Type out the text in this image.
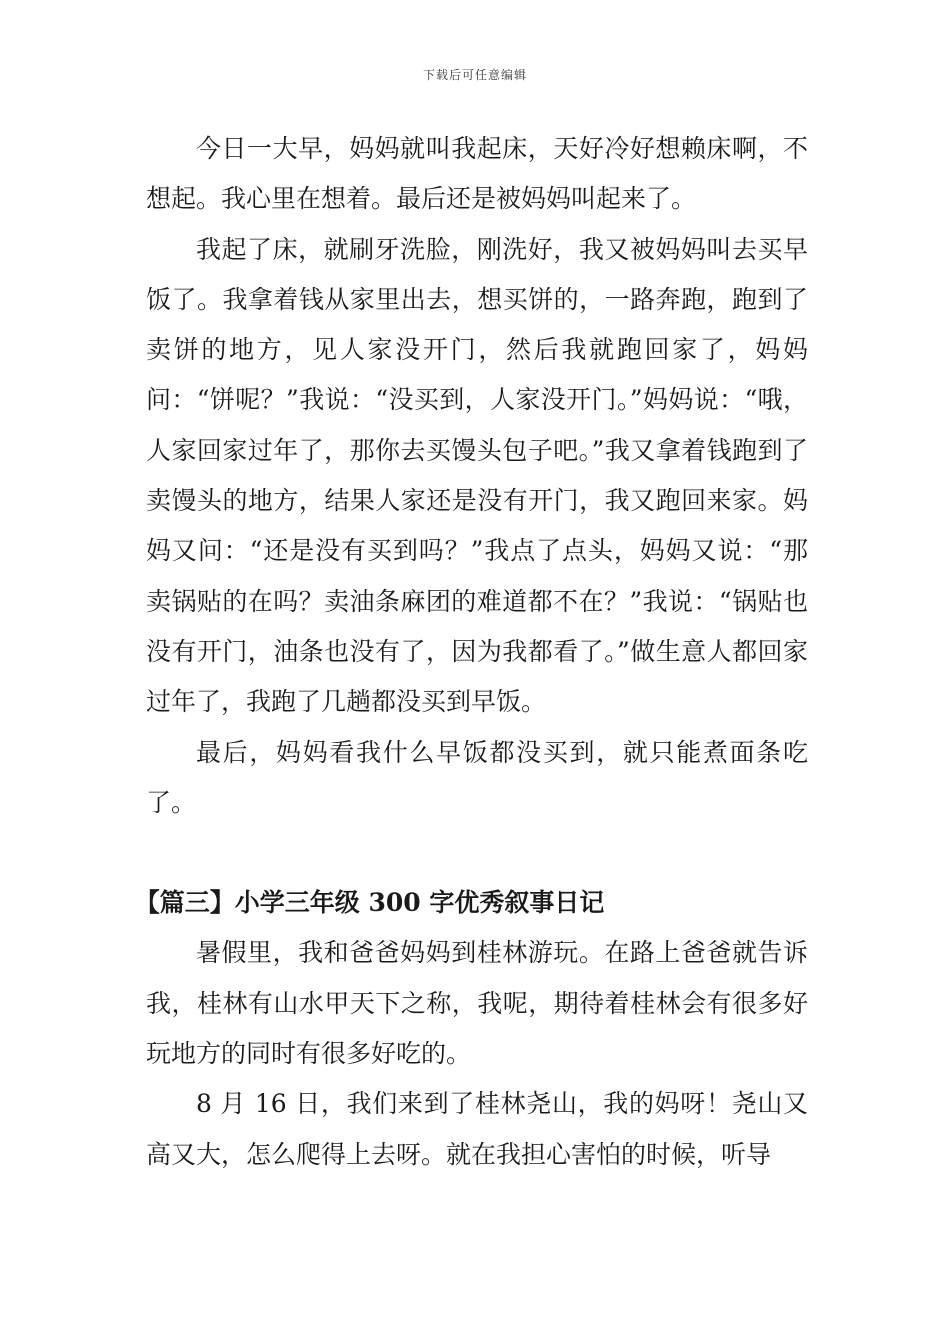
下载后可任意编辑

今日一大早，妈妈就叫我起床，天好冷好想赖床啊，不想起。我心里在想着。最后还是被妈妈叫起来了。

我起了床，就刷牙洗脸，刚洗好，我又被妈妈叫去买早饭了。我拿着钱从家里出去，想买饼的，一路奔跑，跑到了卖饼的地方，见人家没开门，然后我就跑回家了，妈妈问：“饼呢？”我说：“没买到，人家没开门。”妈妈说：“哦，人家回家过年了，那你去买馒头包子吧。”我又拿着钱跑到了卖馒头的地方，结果人家还是没有开门，我又跑回来家。妈妈又问：“还是没有买到吗？”我点了点头，妈妈又说：“那卖锅贴的在吗？卖油条麻团的难道都不在？”我说：“锅贴也没有开门，油条也没有了，因为我都看了。”做生意人都回家过年了，我跑了几趟都没买到早饭。

最后，妈妈看我什么早饭都没买到，就只能煮面条吃了。

【篇三】小学三年级 300 字优秀叙事日记

暑假里，我和爸爸妈妈到桂林游玩。在路上爸爸就告诉我，桂林有山水甲天下之称，我呢，期待着桂林会有很多好玩地方的同时有很多好吃的。

8 月 16 日，我们来到了桂林尧山，我的妈呀！尧山又高又大，怎么爬得上去呀。就在我担心害怕的时候，听导
